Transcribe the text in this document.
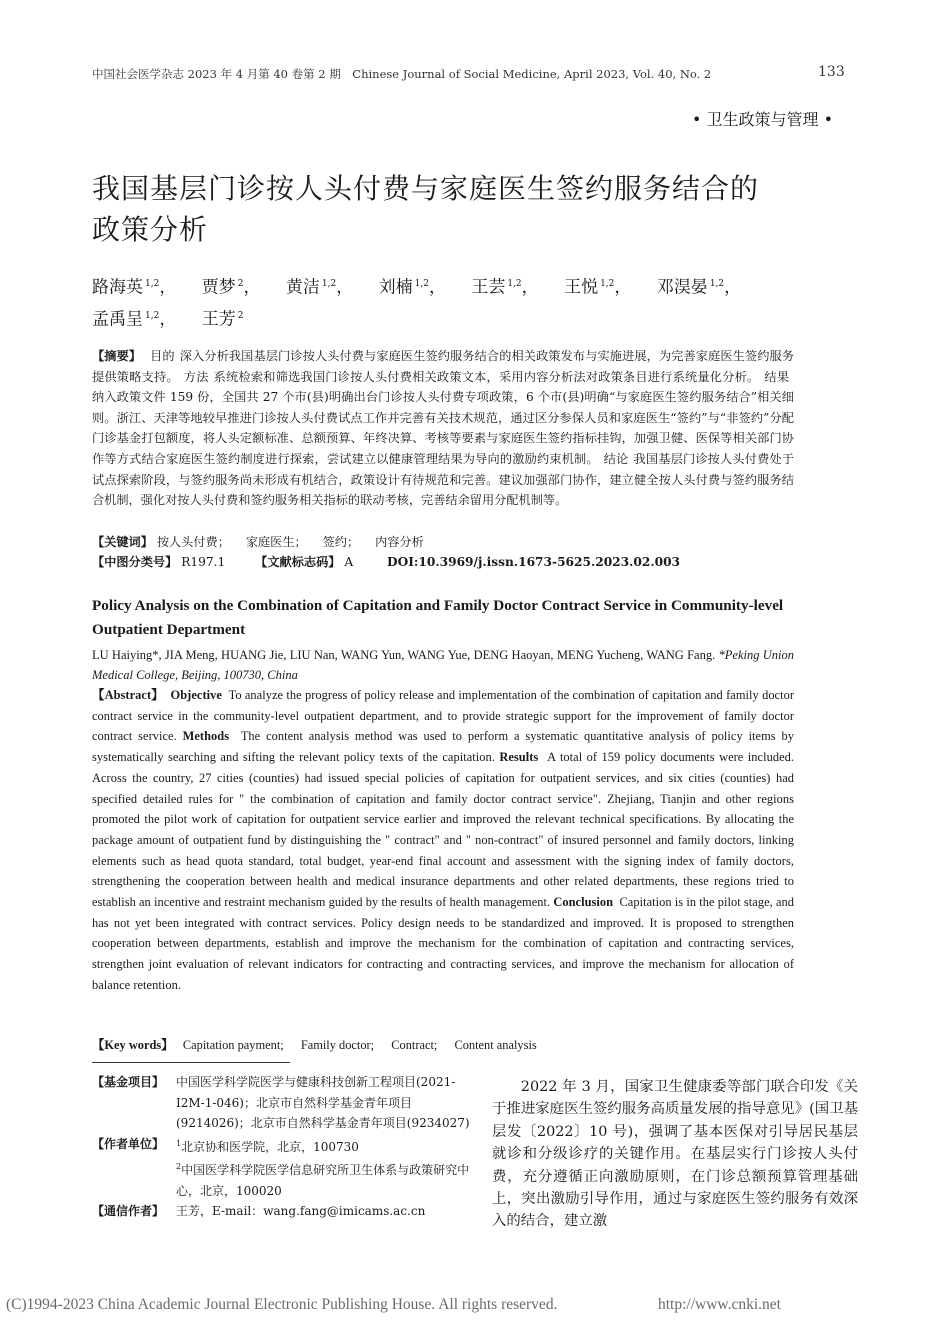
中国社会医学杂志 2023 年 4 月第 40 卷第 2 期　Chinese Journal of Social Medicine, April 2023, Vol. 40, No. 2	133
• 卫生政策与管理 •
我国基层门诊按人头付费与家庭医生签约服务结合的
政策分析
路海英 $^{1,2}$， 贾梦 $^2$， 黄洁 $^{1,2}$， 刘楠 $^{1,2}$， 王芸 $^{1,2}$， 王悦 $^{1,2}$， 邓淏晏 $^{1,2}$，
孟禹呈 $^{1,2}$， 王芳 $^2$
【摘要】 目的 深入分析我国基层门诊按人头付费与家庭医生签约服务结合的相关政策发布与实施进展，为完善家庭医生签约服务提供策略支持。 方法 系统检索和筛选我国门诊按人头付费相关政策文本，采用内容分析法对政策条目进行系统量化分析。 结果纳入政策文件 159 份，全国共 27 个市(县)明确出台门诊按人头付费专项政策，6 个市(县)明确“与家庭医生签约服务结合”相关细则。浙江、天津等地较早推进门诊按人头付费试点工作并完善有关技术规范，通过区分参保人员和家庭医生“签约”与“非签约”分配门诊基金打包额度，将人头定额标准、总额预算、年终决算、考核等要素与家庭医生签约指标挂钩，加强卫健、医保等相关部门协作等方式结合家庭医生签约制度进行探索，尝试建立以健康管理结果为导向的激励约束机制。 结论 我国基层门诊按人头付费处于试点探索阶段，与签约服务尚未形成有机结合，政策设计有待规范和完善。建议加强部门协作，建立健全按人头付费与签约服务结合机制，强化对按人头付费和签约服务相关指标的联动考核，完善结余留用分配机制等。
【关键词】 按人头付费； 家庭医生； 签约； 内容分析
【中图分类号】 R197.1 【文献标志码】 A	DOI:10.3969/j.issn.1673-5625.2023.02.003
Policy Analysis on the Combination of Capitation and Family Doctor Contract Service in Community-level Outpatient Department
LU Haiying*, JIA Meng, HUANG Jie, LIU Nan, WANG Yun, WANG Yue, DENG Haoyan, MENG Yucheng, WANG Fang. *Peking Union Medical College, Beijing, 100730, China
【Abstract】 Objective To analyze the progress of policy release and implementation of the combination of capitation and family doctor contract service in the community-level outpatient department, and to provide strategic support for the improvement of family doctor contract service. Methods The content analysis method was used to perform a systematic quantitative analysis of policy items by systematically searching and sifting the relevant policy texts of the capitation. Results A total of 159 policy documents were included. Across the country, 27 cities (counties) had issued special policies of capitation for outpatient services, and six cities (counties) had specified detailed rules for " the combination of capitation and family doctor contract service". Zhejiang, Tianjin and other regions promoted the pilot work of capitation for outpatient service earlier and improved the relevant technical specifications. By allocating the package amount of outpatient fund by distinguishing the " contract" and " non-contract" of insured personnel and family doctors, linking elements such as head quota standard, total budget, year-end final account and assessment with the signing index of family doctors, strengthening the cooperation between health and medical insurance departments and other related departments, these regions tried to establish an incentive and restraint mechanism guided by the results of health management. Conclusion Capitation is in the pilot stage, and has not yet been integrated with contract services. Policy design needs to be standardized and improved. It is proposed to strengthen cooperation between departments, establish and improve the mechanism for the combination of capitation and contracting services, strengthen joint evaluation of relevant indicators for contracting and contracting services, and improve the mechanism for allocation of balance retention.
【Key words】 Capitation payment; Family doctor; Contract; Content analysis
【基金项目】 中国医学科学院医学与健康科技创新工程项目(2021-I2M-1-046)；北京市自然科学基金青年项目(9214026)；北京市自然科学基金青年项目(9234027)
【作者单位】	$^1$北京协和医学院，北京，100730
$^2$中国医学科学院医学信息研究所卫生体系与政策研究中心，北京，100020
【通信作者】 王芳，E-mail：wang.fang@imicams.ac.cn

2022 年 3 月，国家卫生健康委等部门联合印发《关于推进家庭医生签约服务高质量发展的指导意见》(国卫基层发〔2022〕10 号)，强调了基本医保对引导居民基层就诊和分级诊疗的关键作用。在基层实行门诊按人头付费，充分遵循正向激励原则，在门诊总额预算管理基础上，突出激励引导作用，通过与家庭医生签约服务有效深入的结合，建立激

(C)1994-2023 China Academic Journal Electronic Publishing House. All rights reserved.	http://www.cnki.net
